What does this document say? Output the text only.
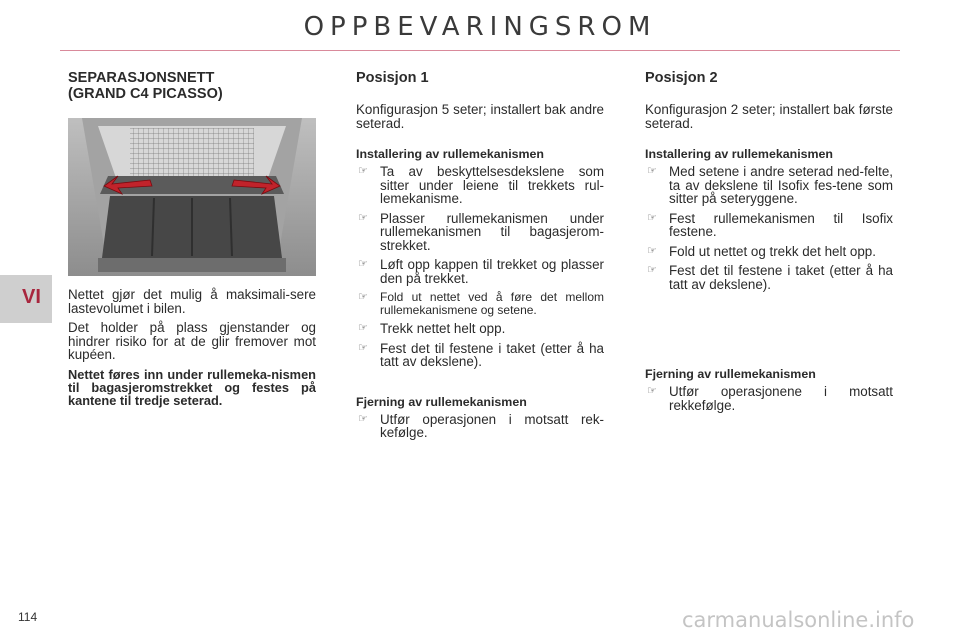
OPPBEVARINGSROM
VI
SEPARASJONSNETT
(GRAND C4 PICASSO)

Nettet gjør det mulig å maksimali-sere lastevolumet i bilen.

Det holder på plass gjenstander og hindrer risiko for at de glir fremover mot kupéen.

Nettet føres inn under rullemeka-nismen til bagasjeromstrekket og festes på kantene til tredje seterad.

Posisjon 1

Konfigurasjon 5 seter; installert bak andre seterad.

Installering av rullemekanismen
☞ Ta av beskyttelsesdekslene som sitter under leiene til trekkets rul-lemekanisme.
☞ Plasser rullemekanismen under rullemekanismen til bagasjerom-strekket.
☞ Løft opp kappen til trekket og plasser den på trekket.
☞ Fold ut nettet ved å føre det mellom rullemekanismene og setene.
☞ Trekk nettet helt opp.
☞ Fest det til festene i taket (etter å ha tatt av dekslene).
Fjerning av rullemekanismen
☞ Utfør operasjonen i motsatt rek-kefølge.
Posisjon 2

Konfigurasjon 2 seter; installert bak første seterad.

Installering av rullemekanismen
☞ Med setene i andre seterad ned-felte, ta av dekslene til Isofix fes-tene som sitter på seteryggene.
☞ Fest rullemekanismen til Isofix festene.
☞ Fold ut nettet og trekk det helt opp.
☞ Fest det til festene i taket (etter å ha tatt av dekslene).
Fjerning av rullemekanismen
☞ Utfør operasjonene i motsatt rekkefølge.
114	carmanualsonline.info
